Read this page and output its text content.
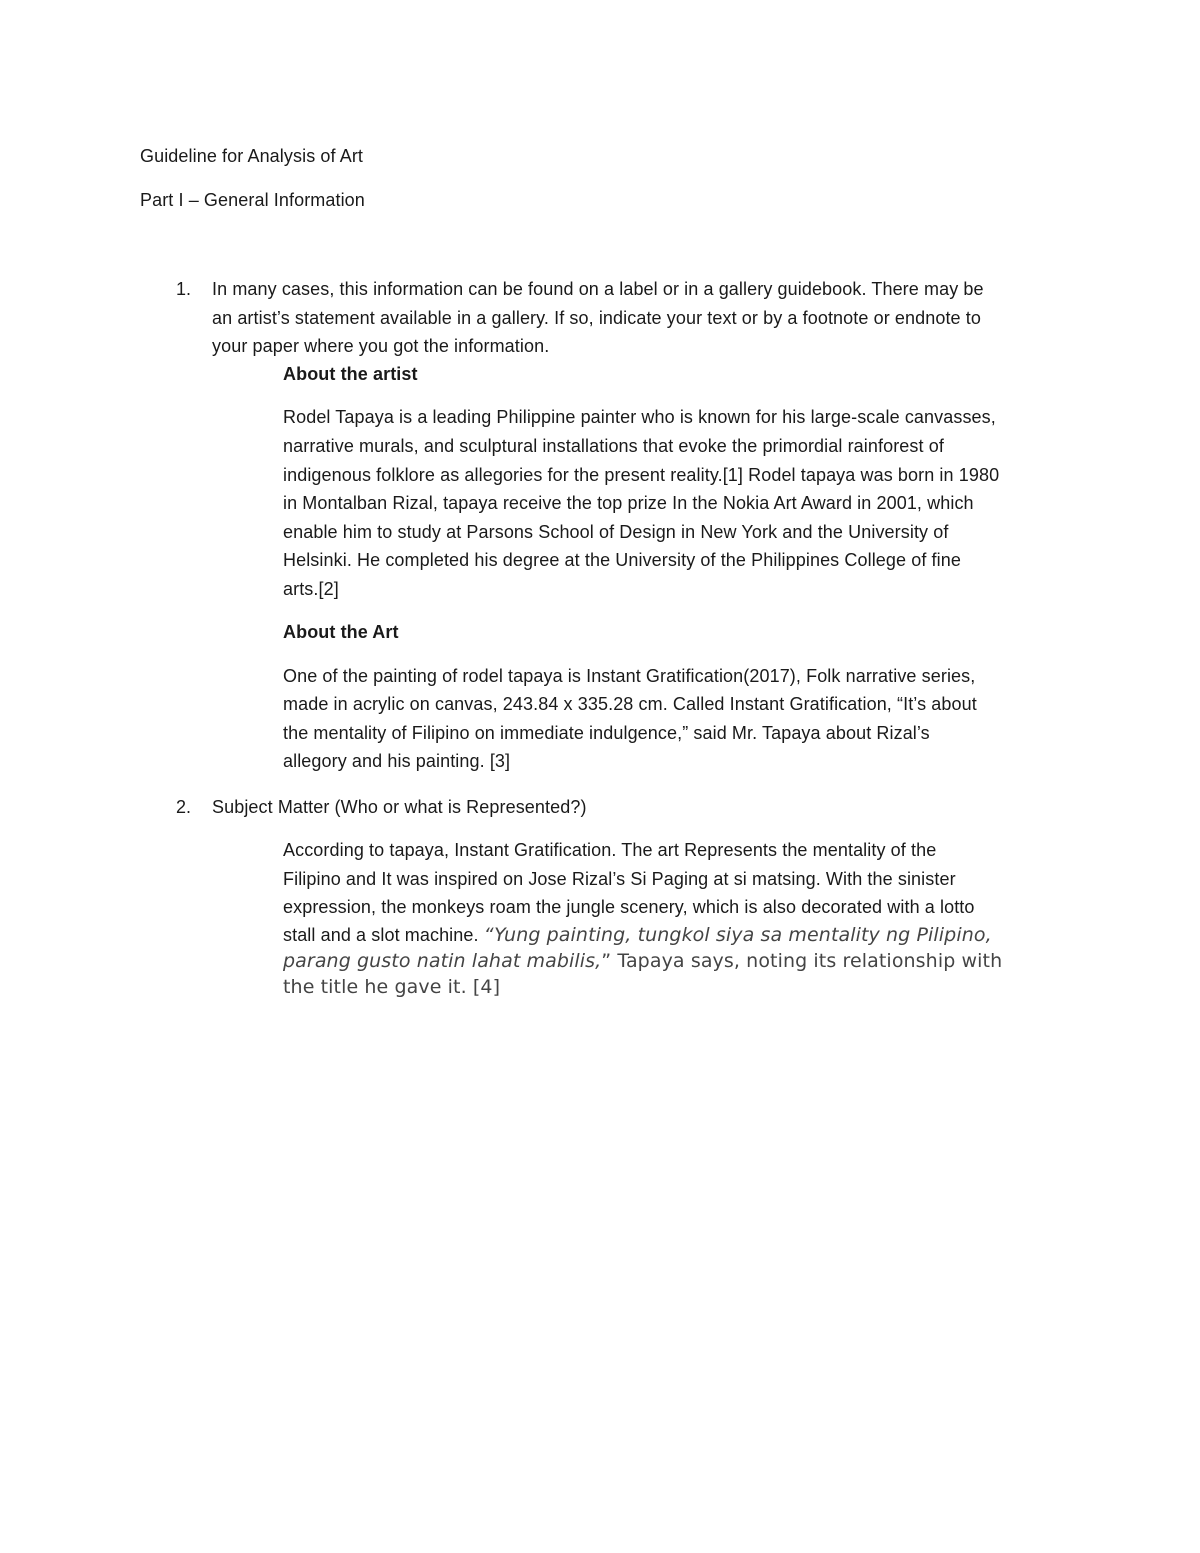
Guideline for Analysis of Art
Part I – General Information
1. In many cases, this information can be found on a label or in a gallery guidebook. There may be
an artist’s statement available in a gallery. If so, indicate your text or by a footnote or endnote to
your paper where you got the information.
About the artist
Rodel Tapaya is a leading Philippine painter who is known for his large-scale canvasses,
narrative murals, and sculptural installations that evoke the primordial rainforest of
indigenous folklore as allegories for the present reality.[1] Rodel tapaya was born in 1980
in Montalban Rizal, tapaya receive the top prize In the Nokia Art Award in 2001, which
enable him to study at Parsons School of Design in New York and the University of
Helsinki. He completed his degree at the University of the Philippines College of fine
arts.[2]
About the Art
One of the painting of rodel tapaya is Instant Gratification(2017), Folk narrative series,
made in acrylic on canvas, 243.84 x 335.28 cm. Called Instant Gratification, “It’s about
the mentality of Filipino on immediate indulgence,” said Mr. Tapaya about Rizal’s
allegory and his painting. [3]
2. Subject Matter (Who or what is Represented?)
According to tapaya, Instant Gratification. The art Represents the mentality of the
Filipino and It was inspired on Jose Rizal’s Si Paging at si matsing. With the sinister
expression, the monkeys roam the jungle scenery, which is also decorated with a lotto
stall and a slot machine. “Yung painting, tungkol siya sa mentality ng Pilipino,
parang gusto natin lahat mabilis,” Tapaya says, noting its relationship with
the title he gave it. [4]
